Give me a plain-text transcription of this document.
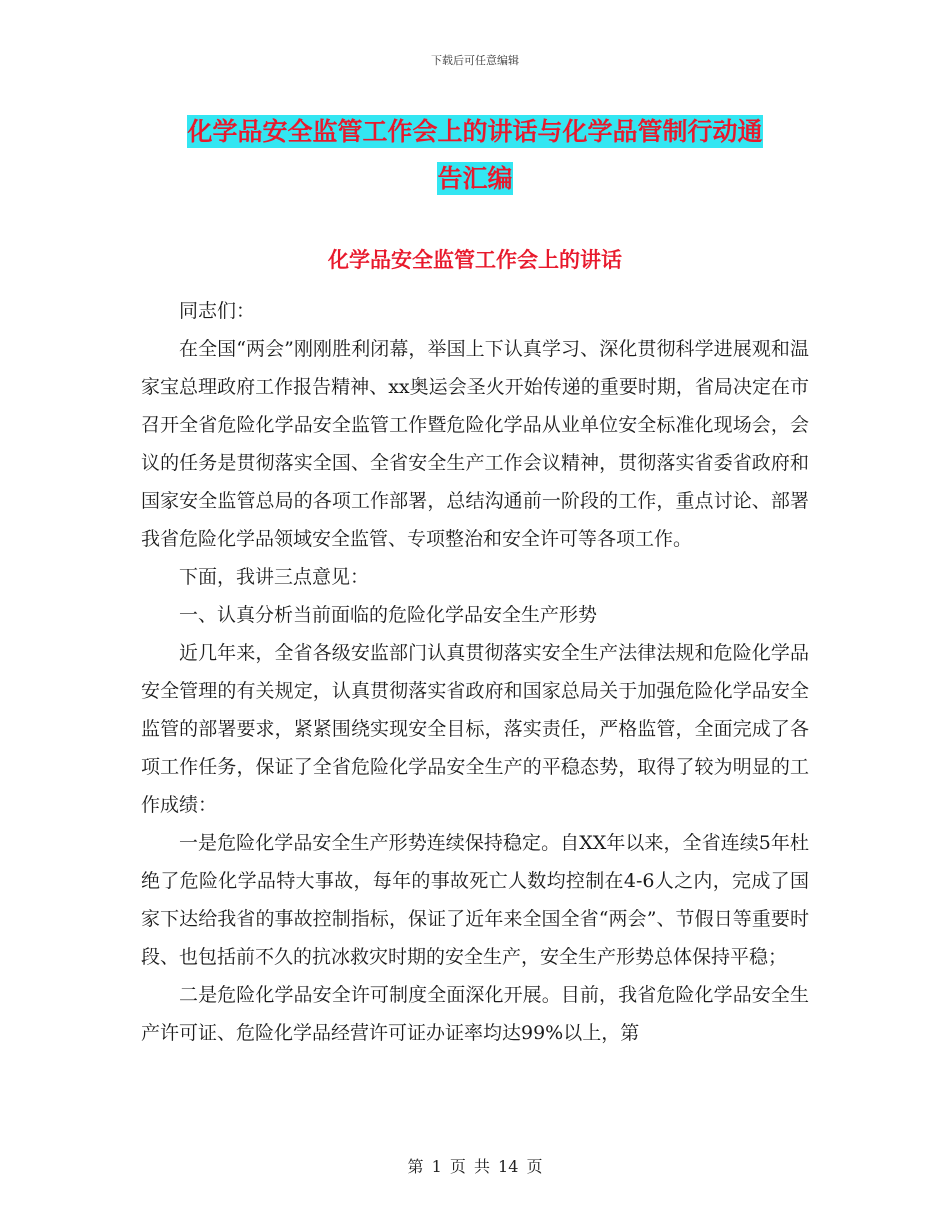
下载后可任意编辑
化学品安全监管工作会上的讲话与化学品管制行动通
告汇编
化学品安全监管工作会上的讲话

同志们：

在全国“两会”刚刚胜利闭幕，举国上下认真学习、深化贯彻科学进展观和温家宝总理政府工作报告精神、xx奥运会圣火开始传递的重要时期，省局决定在市召开全省危险化学品安全监管工作暨危险化学品从业单位安全标准化现场会，会议的任务是贯彻落实全国、全省安全生产工作会议精神，贯彻落实省委省政府和国家安全监管总局的各项工作部署，总结沟通前一阶段的工作，重点讨论、部署我省危险化学品领域安全监管、专项整治和安全许可等各项工作。

下面，我讲三点意见：

一、认真分析当前面临的危险化学品安全生产形势

近几年来，全省各级安监部门认真贯彻落实安全生产法律法规和危险化学品安全管理的有关规定，认真贯彻落实省政府和国家总局关于加强危险化学品安全监管的部署要求，紧紧围绕实现安全目标，落实责任，严格监管，全面完成了各项工作任务，保证了全省危险化学品安全生产的平稳态势，取得了较为明显的工作成绩：

一是危险化学品安全生产形势连续保持稳定。自XX年以来，全省连续5年杜绝了危险化学品特大事故，每年的事故死亡人数均控制在4-6人之内，完成了国家下达给我省的事故控制指标，保证了近年来全国全省“两会”、节假日等重要时段、也包括前不久的抗冰救灾时期的安全生产，安全生产形势总体保持平稳；

二是危险化学品安全许可制度全面深化开展。目前，我省危险化学品安全生产许可证、危险化学品经营许可证办证率均达99%以上，第

第 1 页 共 14 页
